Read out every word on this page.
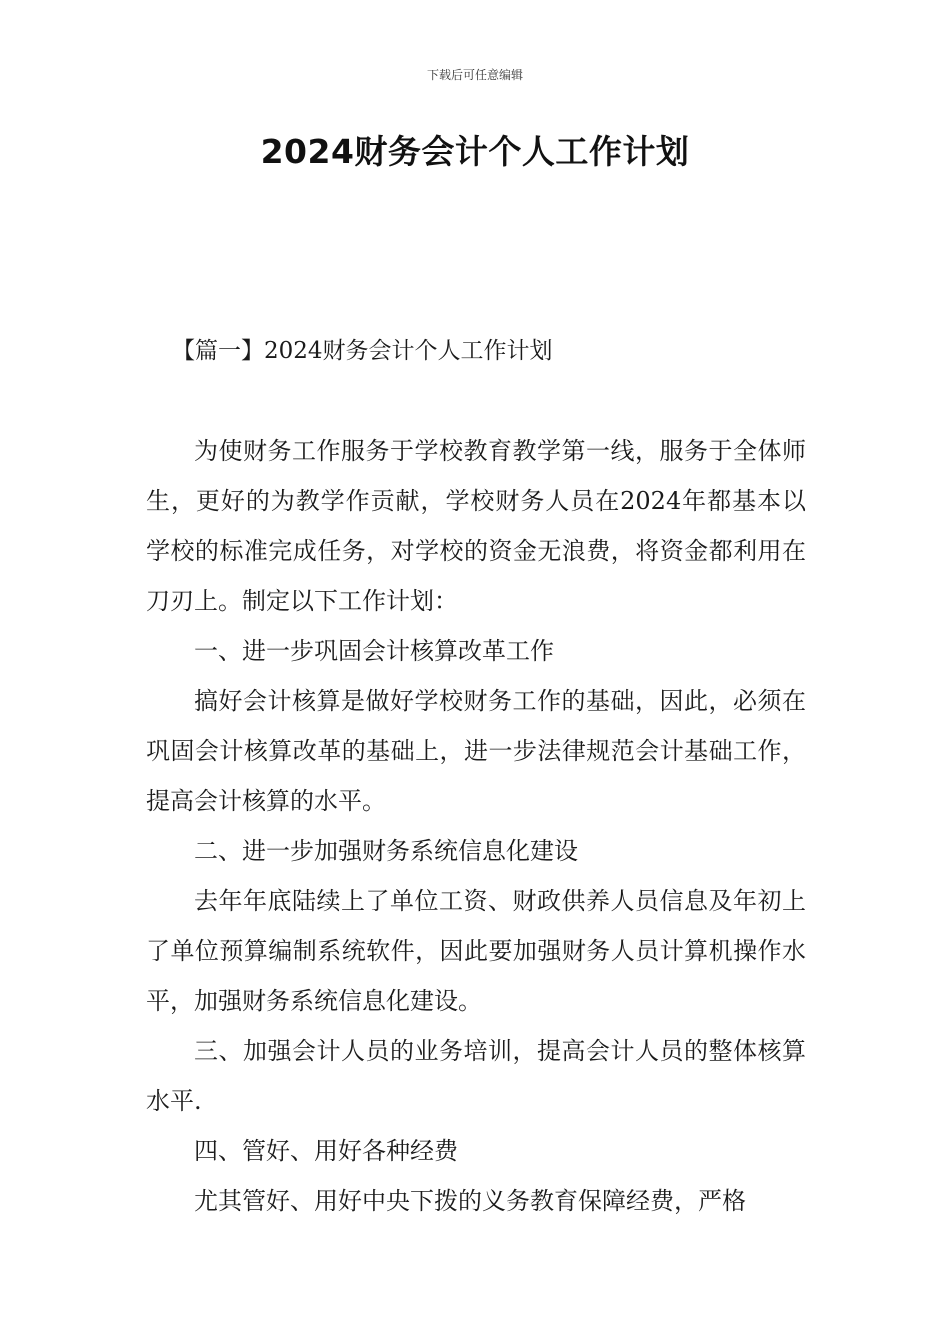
下载后可任意编辑
2024财务会计个人工作计划
【篇一】2024财务会计个人工作计划

为使财务工作服务于学校教育教学第一线，服务于全体师生，更好的为教学作贡献，学校财务人员在2024年都基本以学校的标准完成任务，对学校的资金无浪费，将资金都利用在刀刃上。制定以下工作计划：

一、进一步巩固会计核算改革工作

搞好会计核算是做好学校财务工作的基础，因此，必须在巩固会计核算改革的基础上，进一步法律规范会计基础工作，提高会计核算的水平。

二、进一步加强财务系统信息化建设

去年年底陆续上了单位工资、财政供养人员信息及年初上了单位预算编制系统软件，因此要加强财务人员计算机操作水平，加强财务系统信息化建设。

三、加强会计人员的业务培训，提高会计人员的整体核算水平.

四、管好、用好各种经费

尤其管好、用好中央下拨的义务教育保障经费，严格
